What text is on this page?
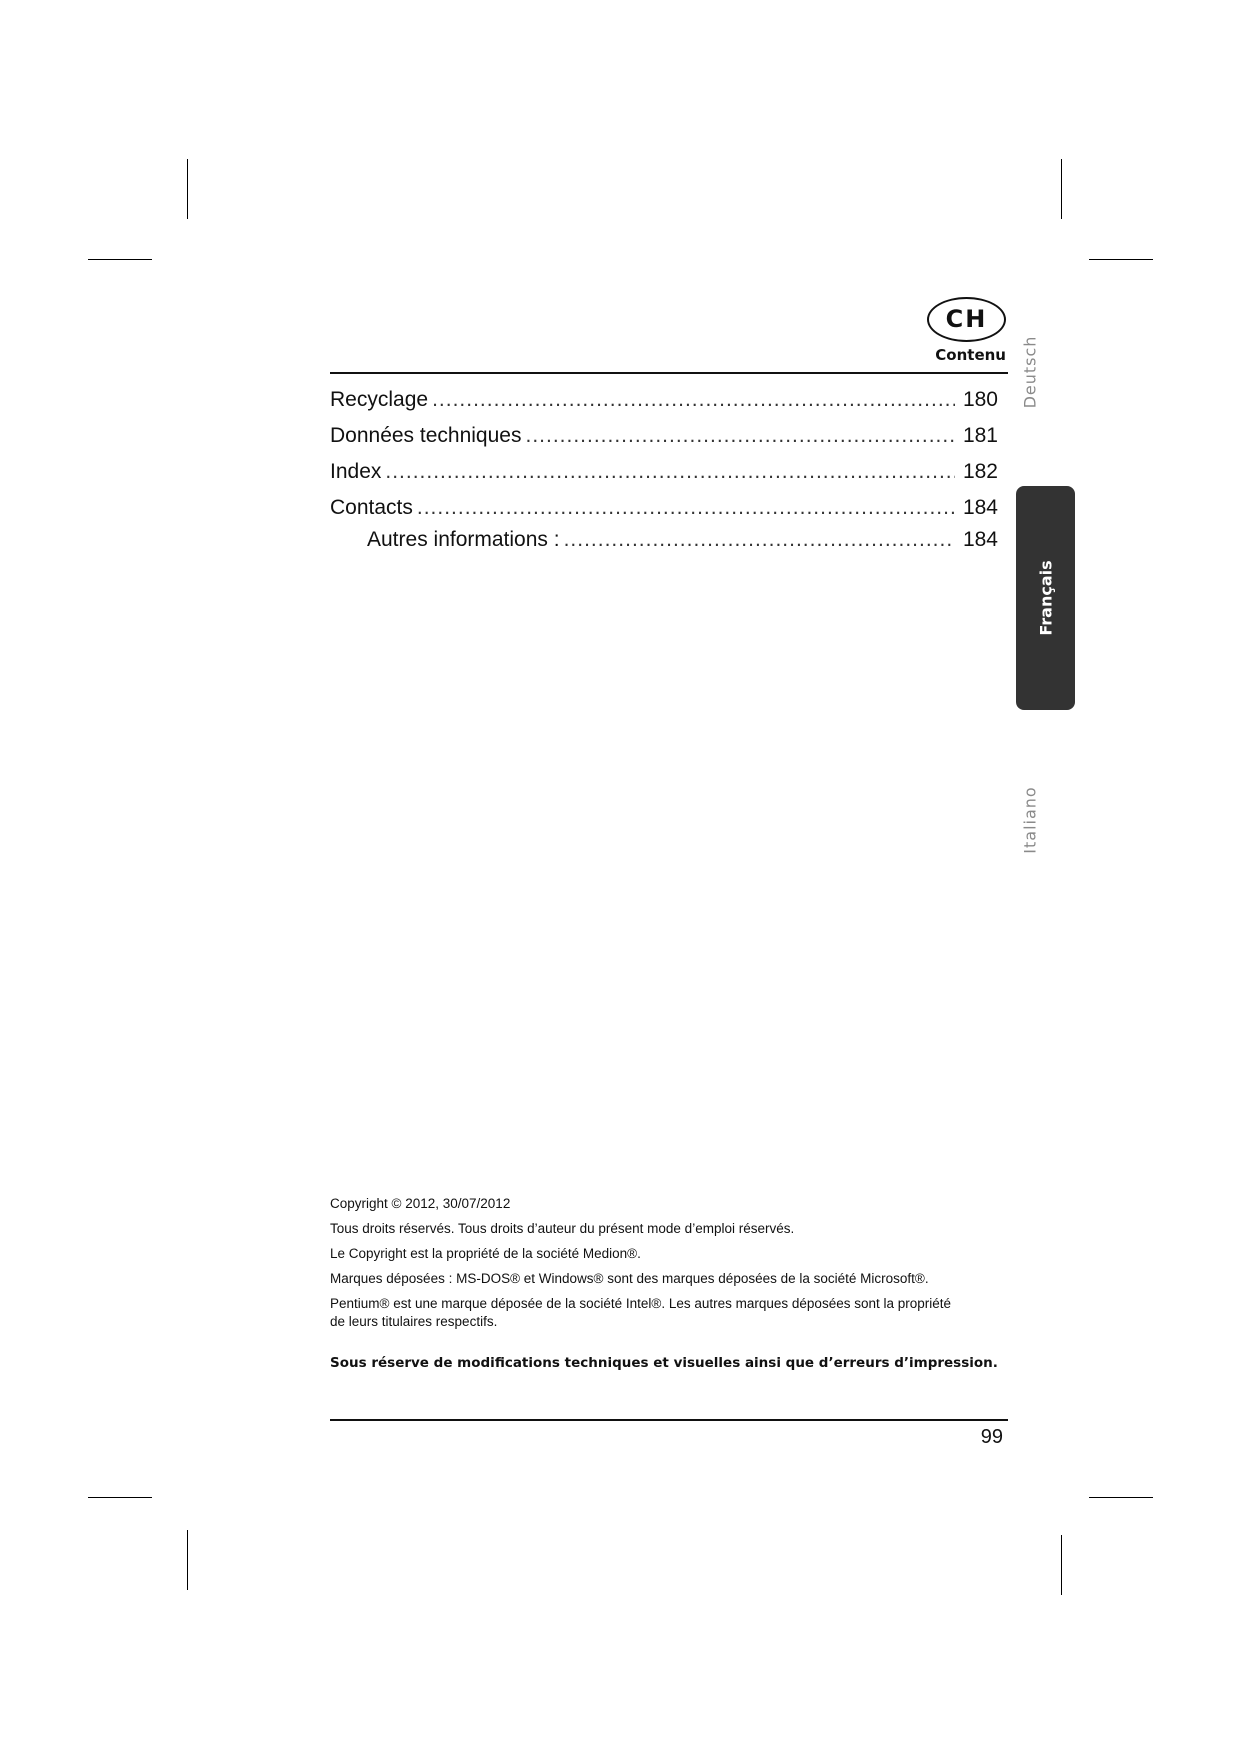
CH
Contenu
Recyclage .....	180
Données techniques .....	181
Index .....	182
Contacts .....	184
Autres informations : .....	184
Deutsch
Français
Italiano

Copyright © 2012, 30/07/2012

Tous droits réservés. Tous droits d’auteur du présent mode d’emploi réservés.

Le Copyright est la propriété de la société Medion®.

Marques déposées : MS-DOS® et Windows® sont des marques déposées de la société Microsoft®.

Pentium® est une marque déposée de la société Intel®. Les autres marques déposées sont la propriété de leurs titulaires respectifs.

Sous réserve de modifications techniques et visuelles ainsi que d’erreurs d’impression.
99
